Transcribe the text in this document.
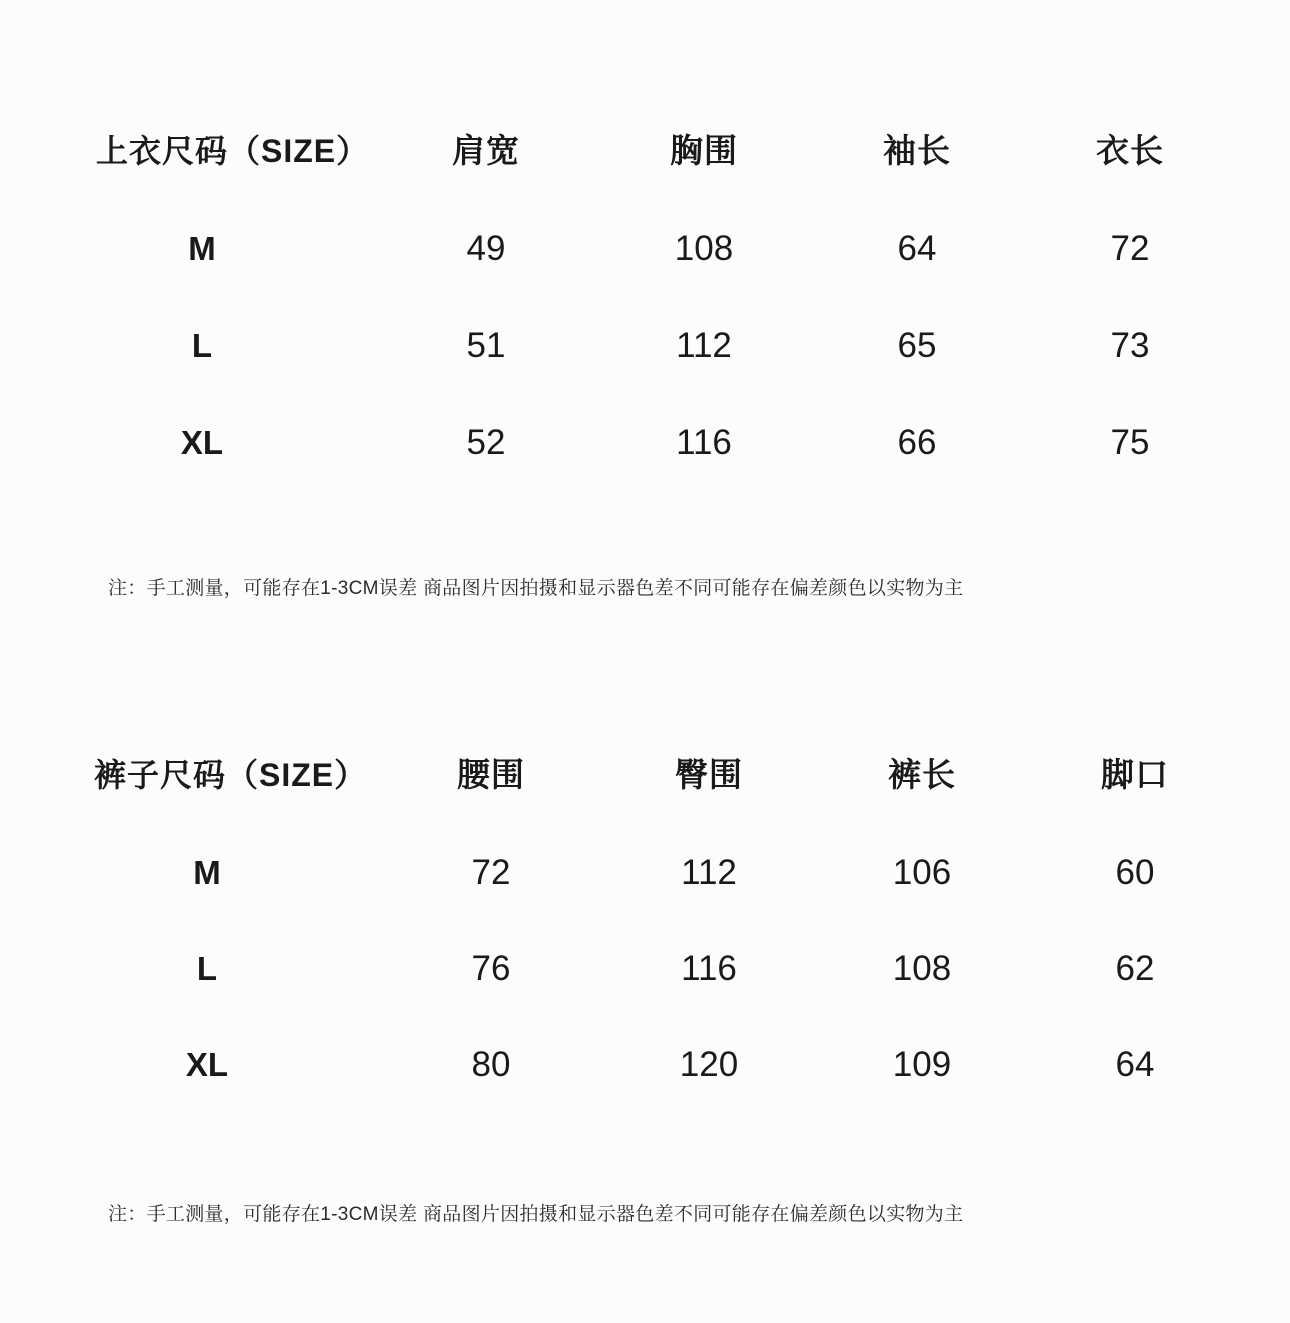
上衣尺码（SIZE）	肩宽	胸围	袖长	衣长
M	49	108	64	72
L	51	112	65	73
XL	52	116	66	75
注：手工测量，可能存在1-3CM误差 商品图片因拍摄和显示器色差不同可能存在偏差颜色以实物为主
裤子尺码（SIZE）	腰围	臀围	裤长	脚口
M	72	112	106	60
L	76	116	108	62
XL	80	120	109	64
注：手工测量，可能存在1-3CM误差 商品图片因拍摄和显示器色差不同可能存在偏差颜色以实物为主
